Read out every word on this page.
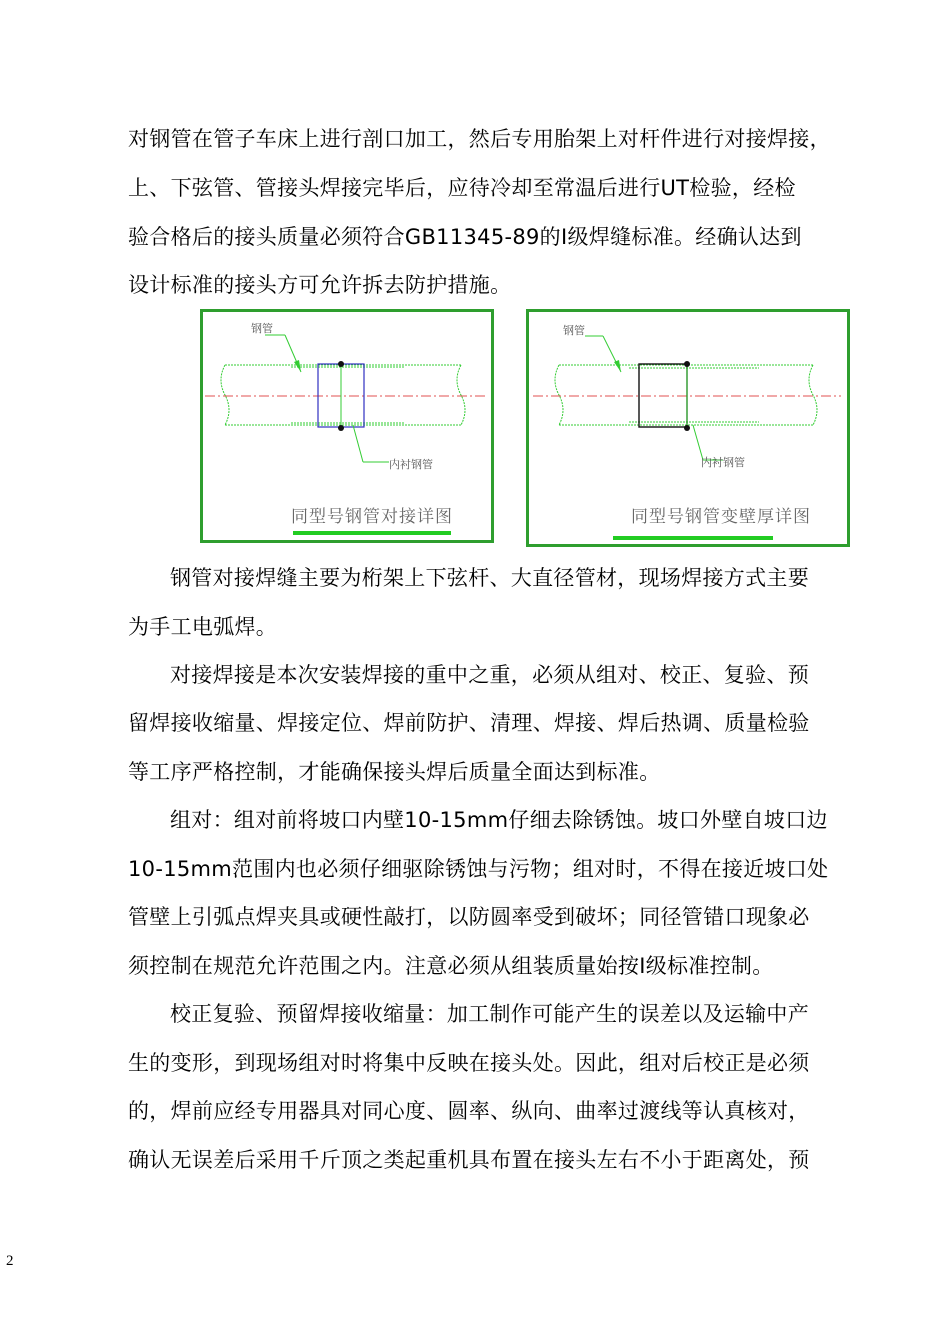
对钢管在管子车床上进行剖口加工，然后专用胎架上对杆件进行对接焊接，
上、下弦管、管接头焊接完毕后，应待冷却至常温后进行UT检验，经检
验合格后的接头质量必须符合GB11345-89的Ⅰ级焊缝标准。经确认达到
设计标准的接头方可允许拆去防护措施。
钢管
内衬钢管
同型号钢管对接详图
钢管
内衬钢管
同型号钢管变壁厚详图
钢管对接焊缝主要为桁架上下弦杆、大直径管材，现场焊接方式主要
为手工电弧焊。
对接焊接是本次安装焊接的重中之重，必须从组对、校正、复验、预
留焊接收缩量、焊接定位、焊前防护、清理、焊接、焊后热调、质量检验
等工序严格控制，才能确保接头焊后质量全面达到标准。
组对：组对前将坡口内壁10-15mm仔细去除锈蚀。坡口外壁自坡口边
10-15mm范围内也必须仔细驱除锈蚀与污物；组对时，不得在接近坡口处
管壁上引弧点焊夹具或硬性敲打，以防圆率受到破坏；同径管错口现象必
须控制在规范允许范围之内。注意必须从组装质量始按Ⅰ级标准控制。
校正复验、预留焊接收缩量：加工制作可能产生的误差以及运输中产
生的变形，到现场组对时将集中反映在接头处。因此，组对后校正是必须
的，焊前应经专用器具对同心度、圆率、纵向、曲率过渡线等认真核对，
确认无误差后采用千斤顶之类起重机具布置在接头左右不小于距离处，预
2
